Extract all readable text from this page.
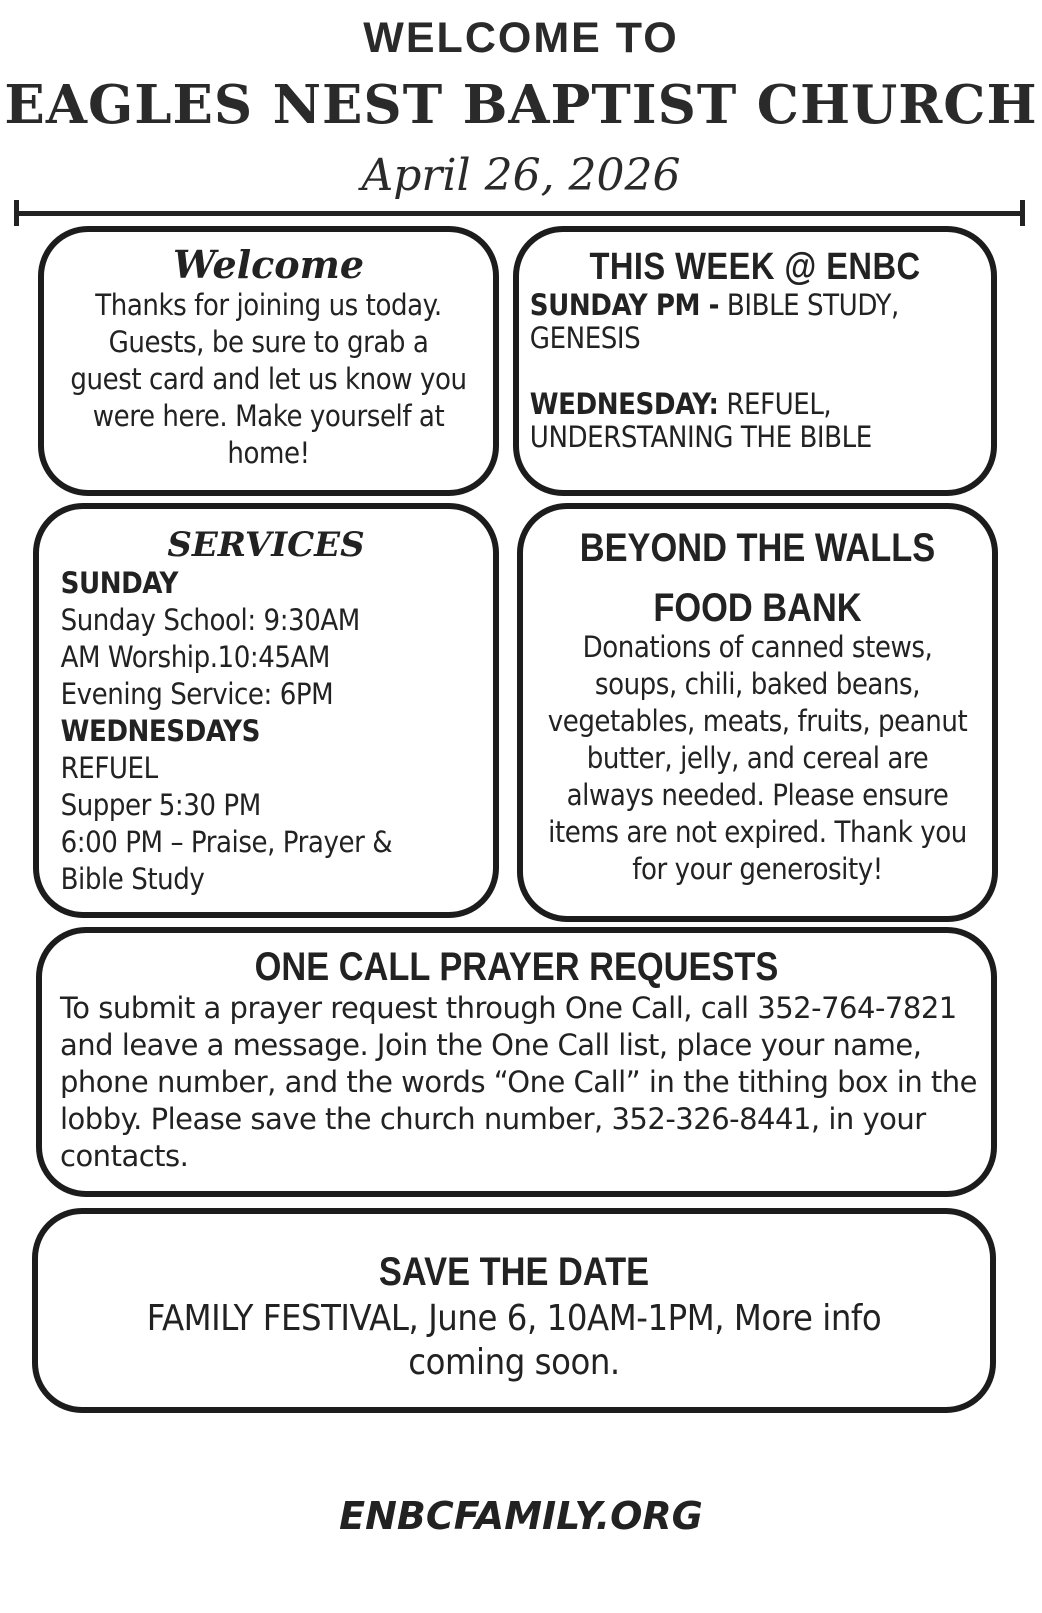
WELCOME TO
EAGLES NEST BAPTIST CHURCH
April 26, 2026
Welcome
Thanks for joining us today. Guests, be sure to grab a guest card and let us know you were here. Make yourself at home!
THIS WEEK @ ENBC
SUNDAY PM - BIBLE STUDY, GENESIS
WEDNESDAY: REFUEL, UNDERSTANING THE BIBLE
SERVICES
SUNDAY
Sunday School: 9:30AM
AM Worship.10:45AM
Evening Service: 6PM
WEDNESDAYS
REFUEL
Supper 5:30 PM
6:00 PM – Praise, Prayer &
Bible Study
BEYOND THE WALLS
FOOD BANK
Donations of canned stews, soups, chili, baked beans, vegetables, meats, fruits, peanut butter, jelly, and cereal are always needed. Please ensure items are not expired. Thank you for your generosity!
ONE CALL PRAYER REQUESTS
To submit a prayer request through One Call, call 352-764-7821 and leave a message. Join the One Call list, place your name, phone number, and the words “One Call” in the tithing box in the lobby. Please save the church number, 352-326-8441, in your contacts.
SAVE THE DATE
FAMILY FESTIVAL, June 6, 10AM-1PM, More info coming soon.
ENBCFAMILY.ORG
